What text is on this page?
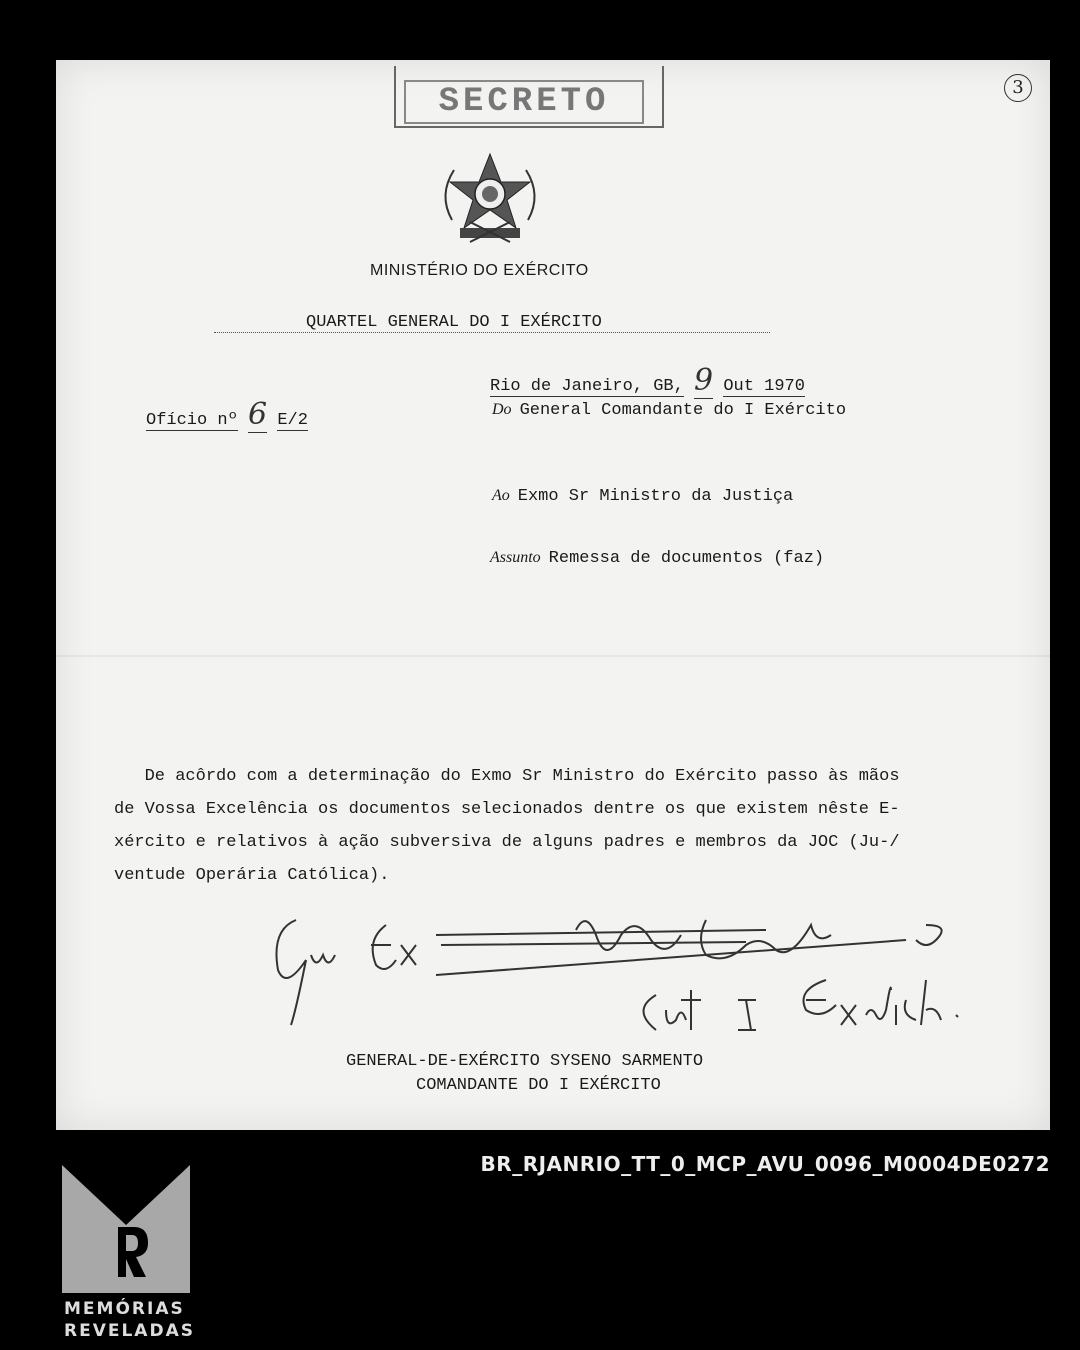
3
SECRETO
MINISTÉRIO DO EXÉRCITO
QUARTEL GENERAL DO I EXÉRCITO
Rio de Janeiro, GB, 9 Out 1970
Ofício nº 6 E/2
Do General Comandante do I Exército
Ao Exmo Sr Ministro da Justiça
Assunto Remessa de documentos (faz)
De acôrdo com a determinação do Exmo Sr Ministro do Exército passo às mãos
de Vossa Excelência os documentos selecionados dentre os que existem nêste E-
xército e relativos à ação subversiva de alguns padres e membros da JOC (Ju-/
ventude Operária Católica).
GENERAL-DE-EXÉRCITO SYSENO SARMENTO
COMANDANTE DO I EXÉRCITO
BR_RJANRIO_TT_0_MCP_AVU_0096_M0004DE0272
MEMÓRIAS
REVELADAS
